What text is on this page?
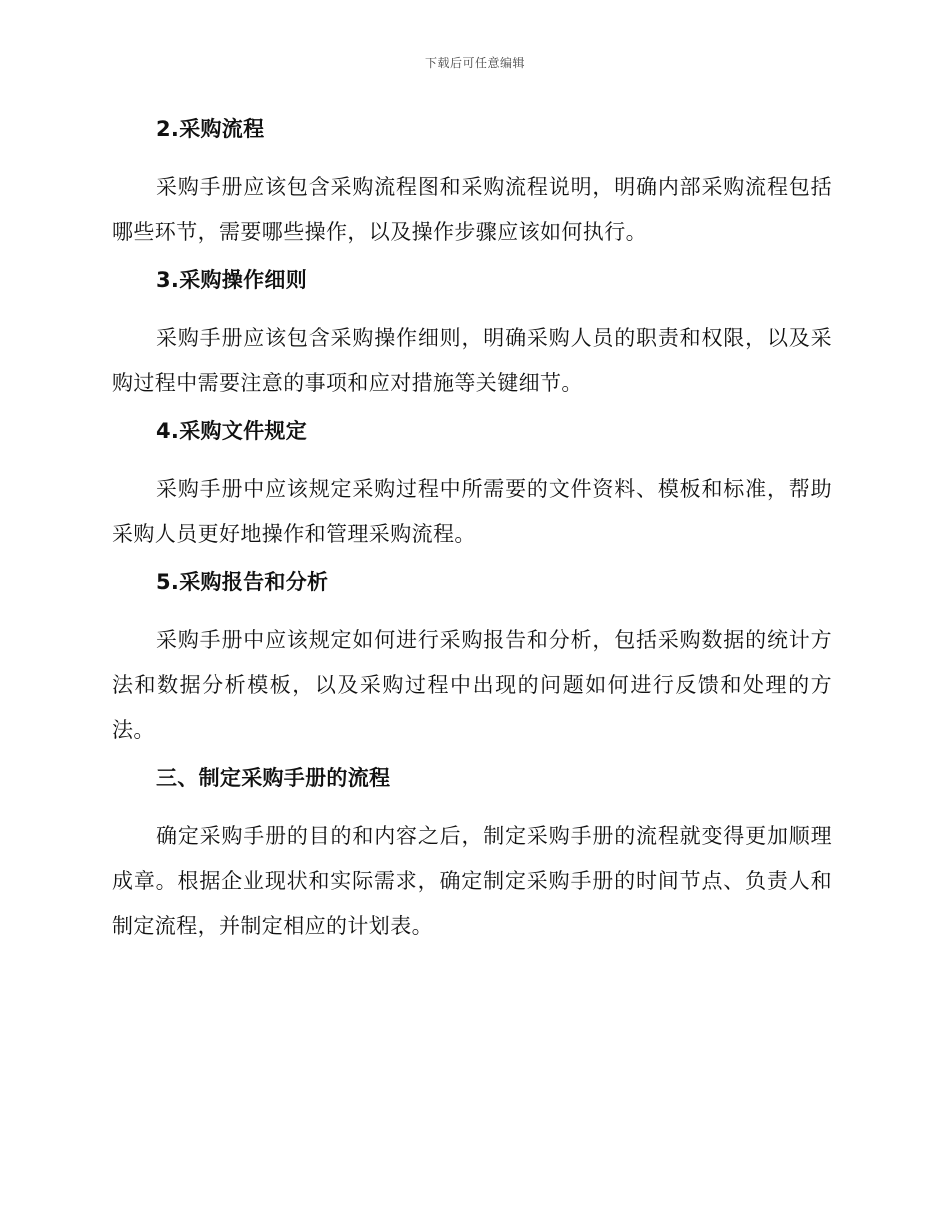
下载后可任意编辑
2.采购流程

采购手册应该包含采购流程图和采购流程说明，明确内部采购流程包括哪些环节，需要哪些操作，以及操作步骤应该如何执行。

3.采购操作细则

采购手册应该包含采购操作细则，明确采购人员的职责和权限，以及采购过程中需要注意的事项和应对措施等关键细节。

4.采购文件规定

采购手册中应该规定采购过程中所需要的文件资料、模板和标准，帮助采购人员更好地操作和管理采购流程。

5.采购报告和分析

采购手册中应该规定如何进行采购报告和分析，包括采购数据的统计方法和数据分析模板，以及采购过程中出现的问题如何进行反馈和处理的方法。

三、制定采购手册的流程

确定采购手册的目的和内容之后，制定采购手册的流程就变得更加顺理成章。根据企业现状和实际需求，确定制定采购手册的时间节点、负责人和制定流程，并制定相应的计划表。
